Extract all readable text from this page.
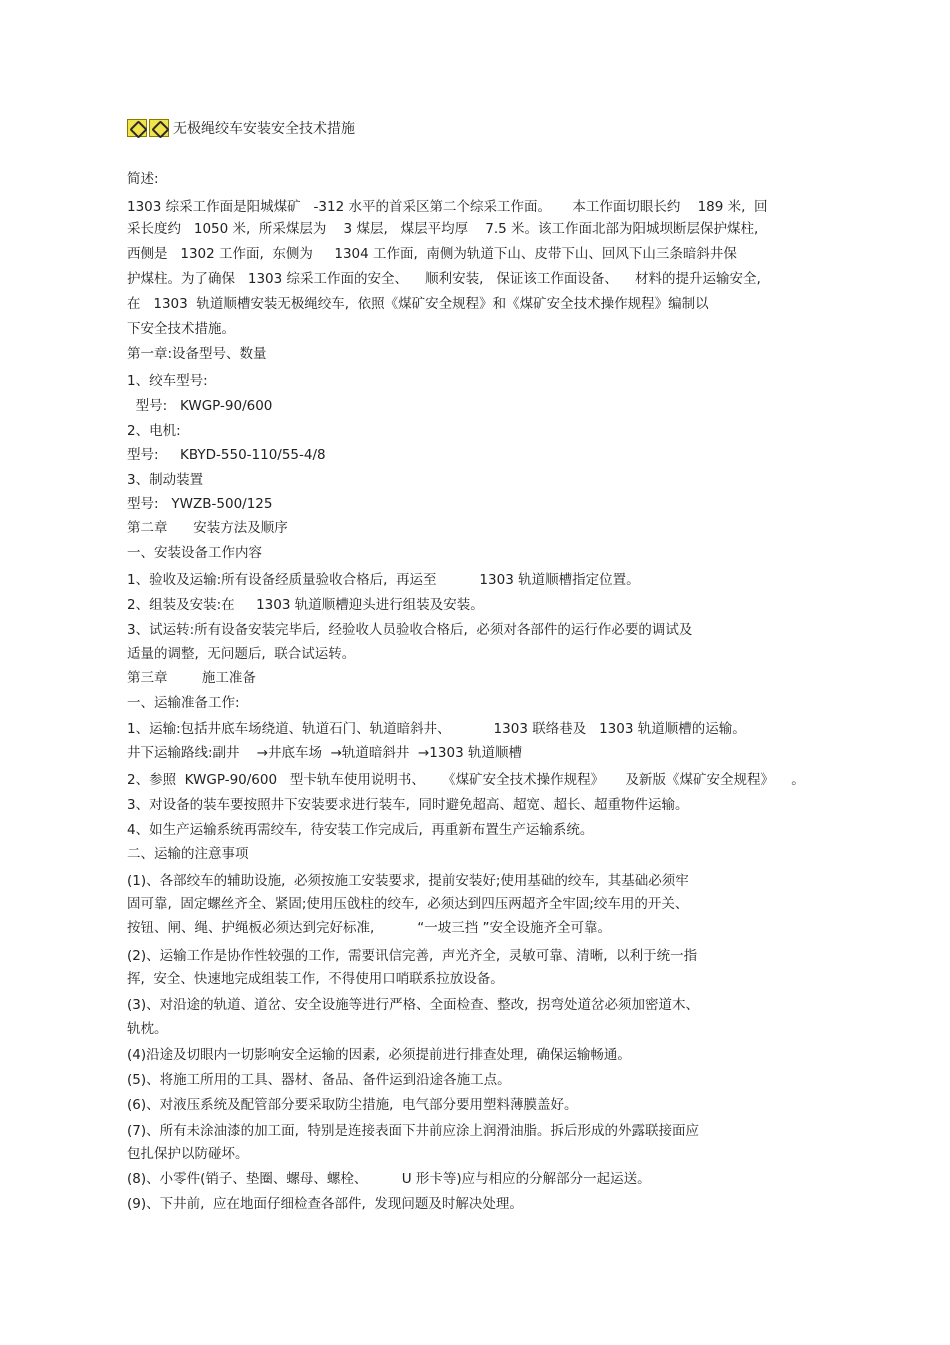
无极绳绞车安装安全技术措施
简述:
1303 综采工作面是阳城煤矿   -312 水平的首采区第二个综采工作面。     本工作面切眼长约    189 米,  回
采长度约   1050 米,  所采煤层为    3 煤层,   煤层平均厚    7.5 米。该工作面北部为阳城坝断层保护煤柱,
西侧是   1302 工作面,  东侧为     1304 工作面,  南侧为轨道下山、皮带下山、回风下山三条暗斜井保
护煤柱。为了确保   1303 综采工作面的安全、    顺利安装,   保证该工作面设备、    材料的提升运输安全,
在   1303  轨道顺槽安装无极绳绞车,  依照《煤矿安全规程》和《煤矿安全技术操作规程》编制以
下安全技术措施。
第一章:设备型号、数量
1、绞车型号:
型号:   KWGP-90/600
2、电机:
型号:     KBYD-550-110/55-4/8
3、制动装置
型号:   YWZB-500/125
第二章      安装方法及顺序
一、安装设备工作内容
1、验收及运输:所有设备经质量验收合格后,  再运至          1303 轨道顺槽指定位置。
2、组装及安装:在     1303 轨道顺槽迎头进行组装及安装。
3、试运转:所有设备安装完毕后,  经验收人员验收合格后,  必须对各部件的运行作必要的调试及
适量的调整,  无问题后,  联合试运转。
第三章        施工准备
一、运输准备工作:
1、运输:包括井底车场绕道、轨道石门、轨道暗斜井、          1303 联络巷及   1303 轨道顺槽的运输。
井下运输路线:副井    →井底车场  →轨道暗斜井  →1303 轨道顺槽
2、参照  KWGP-90/600   型卡轨车使用说明书、    《煤矿安全技术操作规程》     及新版《煤矿安全规程》    。
3、对设备的装车要按照井下安装要求进行装车,  同时避免超高、超宽、超长、超重物件运输。
4、如生产运输系统再需绞车,  待安装工作完成后,  再重新布置生产运输系统。
二、运输的注意事项
(1)、各部绞车的辅助设施,  必须按施工安装要求,  提前安装好;使用基础的绞车,  其基础必须牢
固可靠,  固定螺丝齐全、紧固;使用压戗柱的绞车,  必须达到四压两超齐全牢固;绞车用的开关、
按钮、闸、绳、护绳板必须达到完好标准,          “一坡三挡 ”安全设施齐全可靠。
(2)、运输工作是协作性较强的工作,  需要讯信完善,  声光齐全,  灵敏可靠、清晰,  以利于统一指
挥,  安全、快速地完成组装工作,  不得使用口哨联系拉放设备。
(3)、对沿途的轨道、道岔、安全设施等进行严格、全面检查、整改,  拐弯处道岔必须加密道木、
轨枕。
(4)沿途及切眼内一切影响安全运输的因素,  必须提前进行排查处理,  确保运输畅通。
(5)、将施工所用的工具、器材、备品、备件运到沿途各施工点。
(6)、对液压系统及配管部分要采取防尘措施,  电气部分要用塑料薄膜盖好。
(7)、所有未涂油漆的加工面,  特别是连接表面下井前应涂上润滑油脂。拆后形成的外露联接面应
包扎保护以防碰坏。
(8)、小零件(销子、垫圈、螺母、螺栓、        U 形卡等)应与相应的分解部分一起运送。
(9)、下井前,  应在地面仔细检查各部件,  发现问题及时解决处理。
